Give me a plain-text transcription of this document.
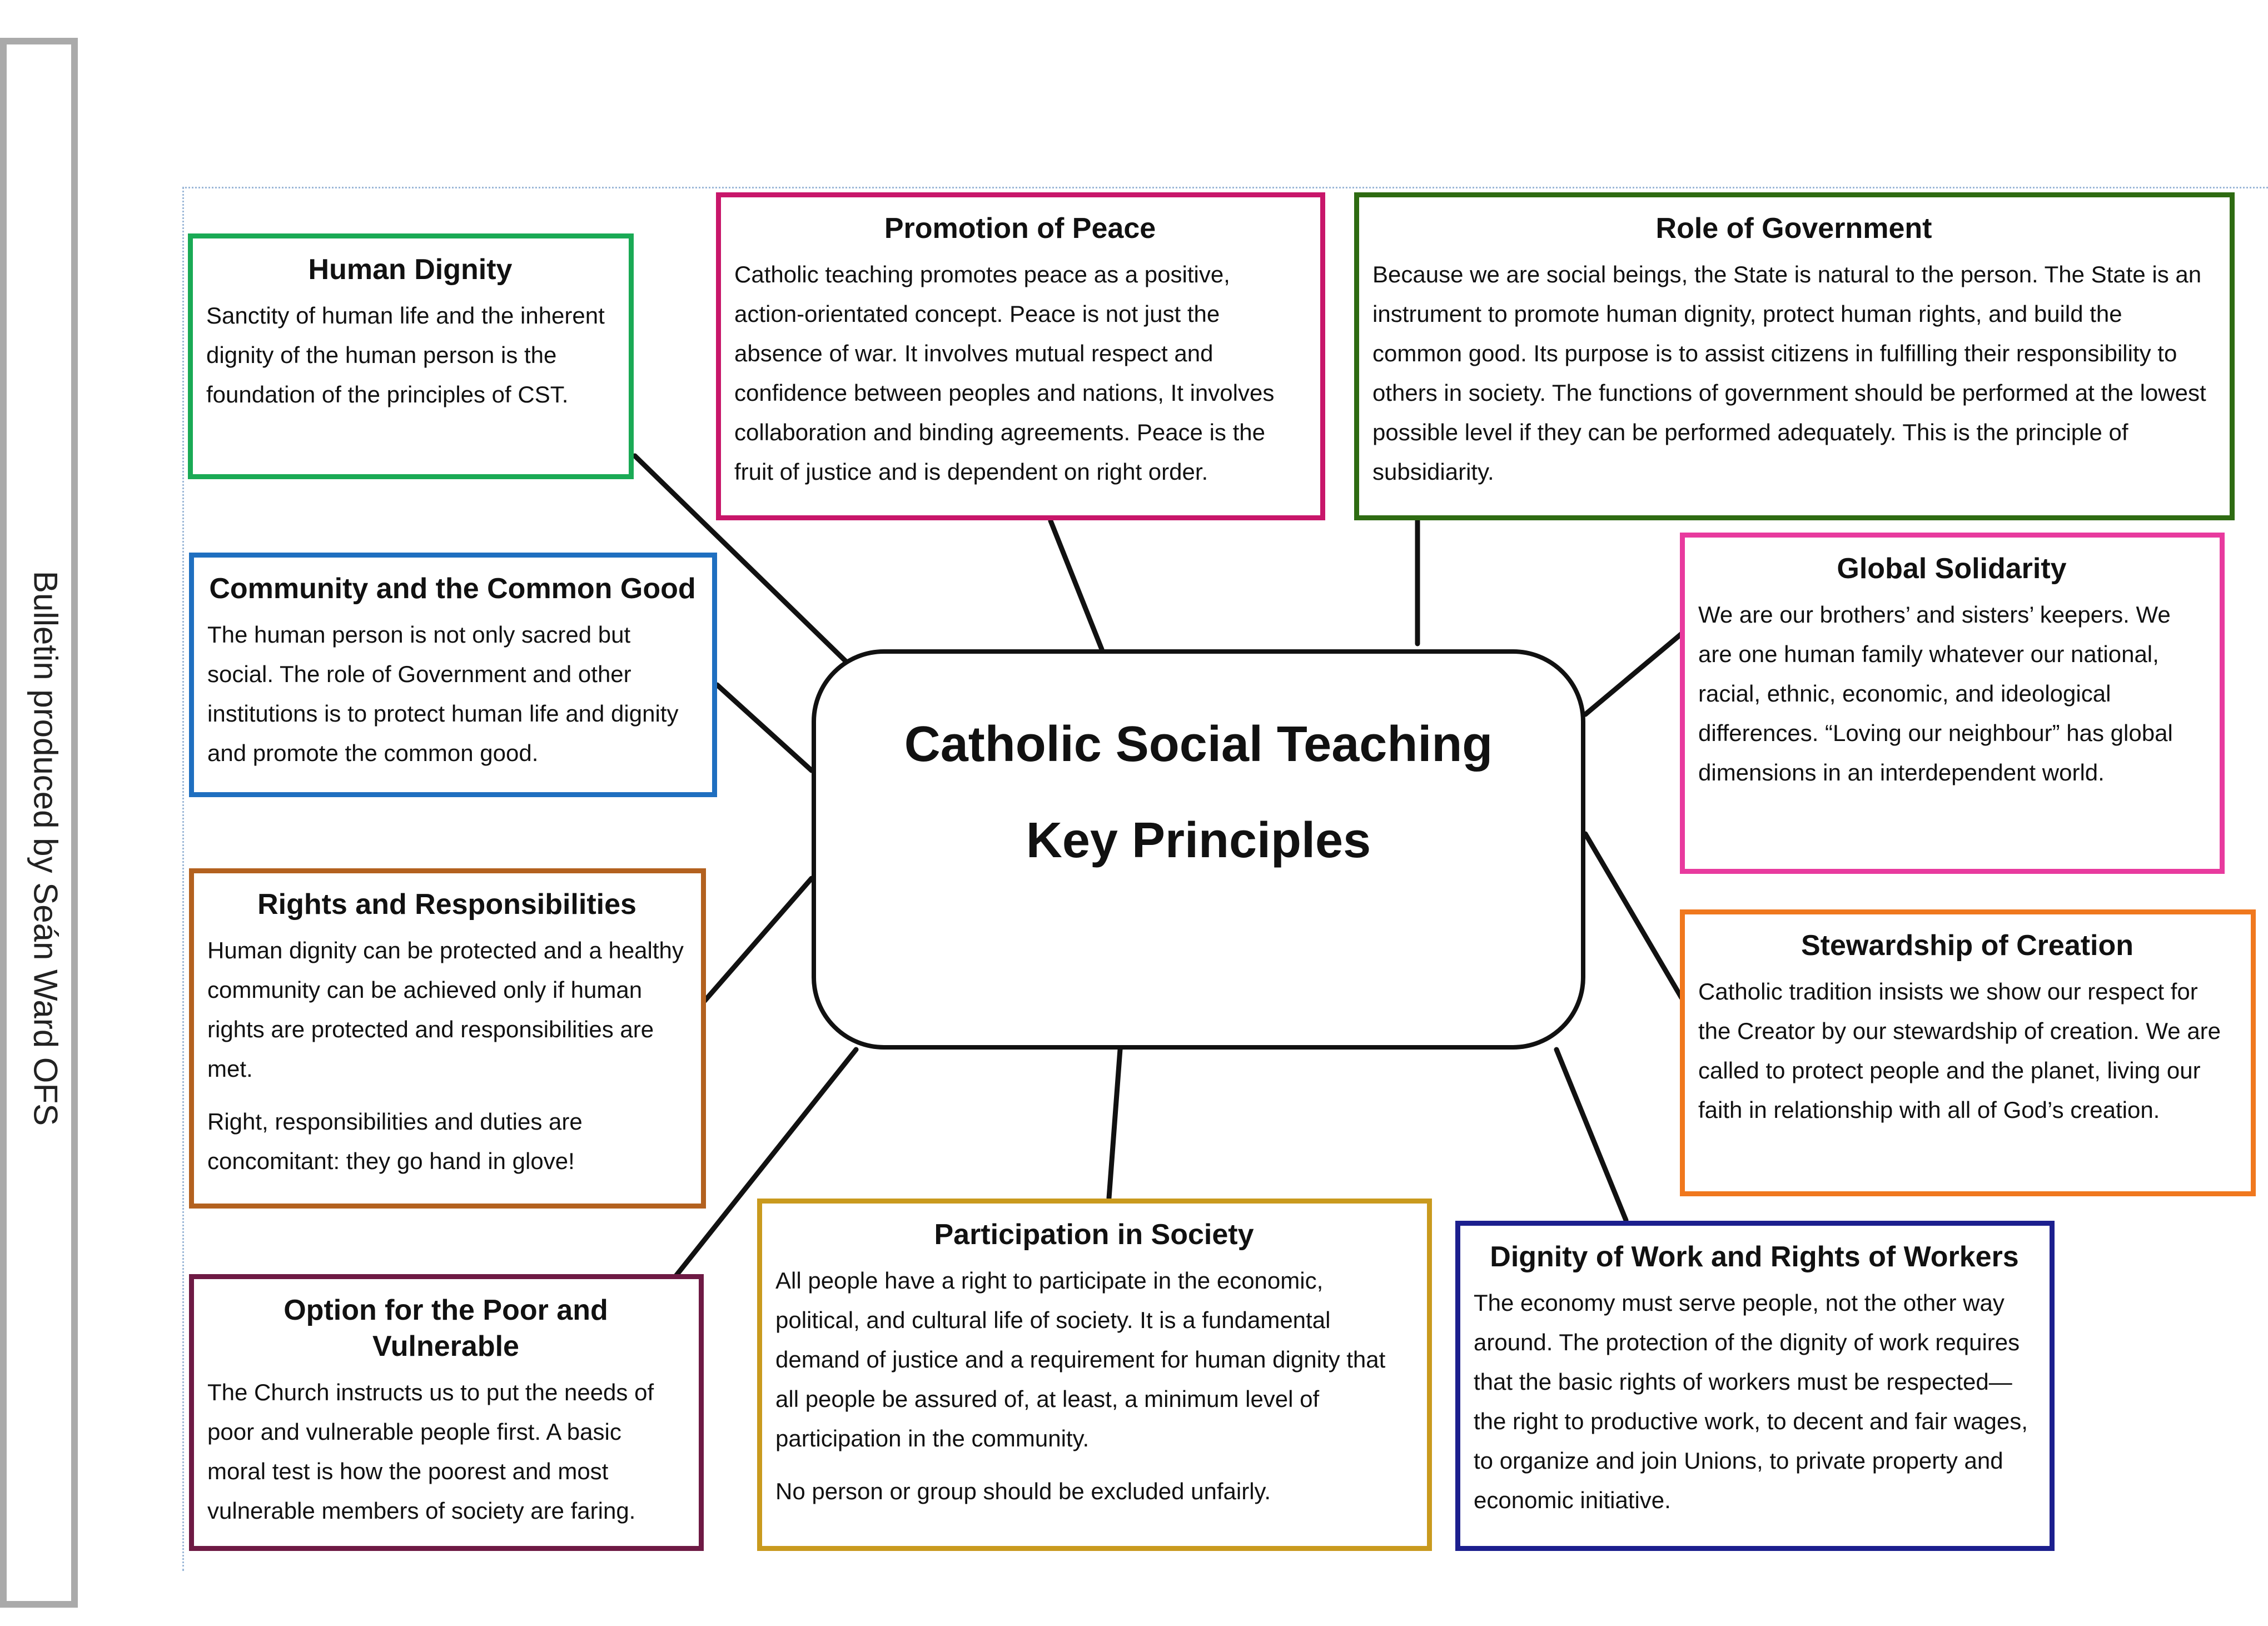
Bulletin produced by Seán Ward OFS	Catholic Social Teaching
Key Principles
Human Dignity

Sanctity of human life and the inherent dignity of the human person is the foundation of the principles of CST.

Promotion of Peace

Catholic teaching promotes peace as a positive, action-orientated concept. Peace is not just the absence of war. It involves mutual respect and confidence between peoples and nations, It involves collaboration and binding agreements. Peace is the fruit of justice and is dependent on right order.

Role of Government

Because we are social beings, the State is natural to the person. The State is an instrument to promote human dignity, protect human rights, and build the common good. Its purpose is to assist citizens in fulfilling their responsibility to others in society. The functions of government should be performed at the lowest possible level if they can be performed adequately. This is the principle of subsidiarity.

Community and the Common Good

The human person is not only sacred but social. The role of Government and other institutions is to protect human life and dignity and promote the common good.

Global Solidarity

We are our brothers’ and sisters’ keepers. We are one human family whatever our national, racial, ethnic, economic, and ideological differences. “Loving our neighbour” has global dimensions in an interdependent world.

Rights and Responsibilities

Human dignity can be protected and a healthy community can be achieved only if human rights are protected and responsibilities are met.

Right, responsibilities and duties are concomitant: they go hand in glove!

Stewardship of Creation

Catholic tradition insists we show our respect for the Creator by our stewardship of creation. We are called to protect people and the planet, living our faith in relationship with all of God’s creation.

Option for the Poor and Vulnerable

The Church instructs us to put the needs of poor and vulnerable people first. A basic moral test is how the poorest and most vulnerable members of society are faring.

Participation in Society

All people have a right to participate in the economic, political, and cultural life of society. It is a fundamental demand of justice and a requirement for human dignity that all people be assured of, at least, a minimum level of participation in the community.

No person or group should be excluded unfairly.

Dignity of Work and Rights of Workers

The economy must serve people, not the other way around. The protection of the dignity of work requires that the basic rights of workers must be respected—the right to productive work, to decent and fair wages, to organize and join Unions, to private property and economic initiative.
